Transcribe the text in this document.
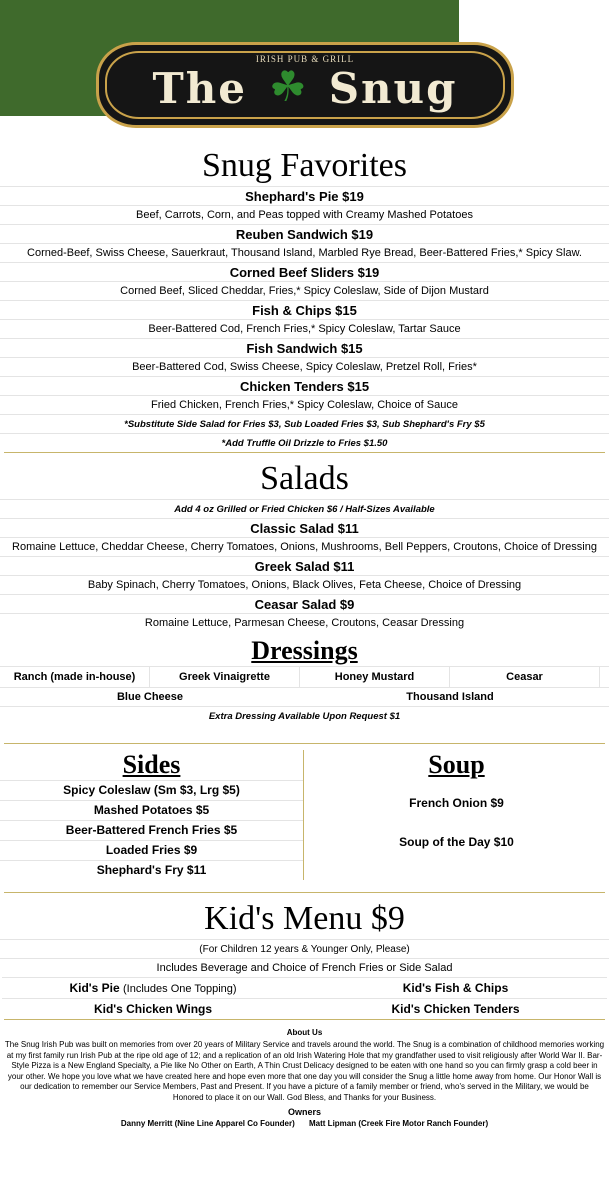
IRISH PUB & GRILL
The ☘ Snug
Snug Favorites
Shephard's Pie $19
Beef, Carrots, Corn, and Peas topped with Creamy Mashed Potatoes
Reuben Sandwich $19
Corned-Beef, Swiss Cheese, Sauerkraut, Thousand Island, Marbled Rye Bread, Beer-Battered Fries,* Spicy Slaw.
Corned Beef Sliders $19
Corned Beef, Sliced Cheddar, Fries,* Spicy Coleslaw, Side of Dijon Mustard
Fish & Chips $15
Beer-Battered Cod, French Fries,* Spicy Coleslaw, Tartar Sauce
Fish Sandwich $15
Beer-Battered Cod, Swiss Cheese, Spicy Coleslaw, Pretzel Roll, Fries*
Chicken Tenders $15
Fried Chicken, French Fries,* Spicy Coleslaw, Choice of Sauce
*Substitute Side Salad for Fries $3, Sub Loaded Fries $3, Sub Shephard's Fry $5
*Add Truffle Oil Drizzle to Fries $1.50
Salads
Add 4 oz Grilled or Fried Chicken $6 / Half-Sizes Available
Classic Salad $11
Romaine Lettuce, Cheddar Cheese, Cherry Tomatoes, Onions, Mushrooms, Bell Peppers, Croutons, Choice of Dressing
Greek Salad $11
Baby Spinach, Cherry Tomatoes, Onions, Black Olives, Feta Cheese, Choice of Dressing
Ceasar Salad $9
Romaine Lettuce, Parmesan Cheese, Croutons, Ceasar Dressing
Dressings
Ranch (made in-house)	Greek Vinaigrette	Honey Mustard	Ceasar
Blue Cheese	Thousand Island
Extra Dressing Available Upon Request $1
Sides
Spicy Coleslaw (Sm $3, Lrg $5)
Mashed Potatoes $5
Beer-Battered French Fries $5
Loaded Fries $9
Shephard's Fry $11
Soup
French Onion $9
Soup of the Day $10
Kid's Menu $9
(For Children 12 years & Younger Only, Please)
Includes Beverage and Choice of French Fries or Side Salad
Kid's Pie (Includes One Topping)	Kid's Fish & Chips
Kid's Chicken Wings	Kid's Chicken Tenders
About Us
The Snug Irish Pub was built on memories from over 20 years of Military Service and travels around the world. The Snug is a combination of childhood memories working at my first family run Irish Pub at the ripe old age of 12; and a replication of an old Irish Watering Hole that my grandfather used to visit religiously after World War II. Bar-Style Pizza is a New England Specialty, a Pie like No Other on Earth, A Thin Crust Delicacy designed to be eaten with one hand so you can firmly grasp a cold beer in your other. We hope you love what we have created here and hope even more that one day you will consider the Snug a little home away from home. Our Honor Wall is our dedication to remember our Service Members, Past and Present. If you have a picture of a family member or friend, who's served in the Military, we would be Honored to place it on our Wall. God Bless, and Thanks for your Business.
Owners
Danny Merritt (Nine Line Apparel Co Founder) Matt Lipman (Creek Fire Motor Ranch Founder)
